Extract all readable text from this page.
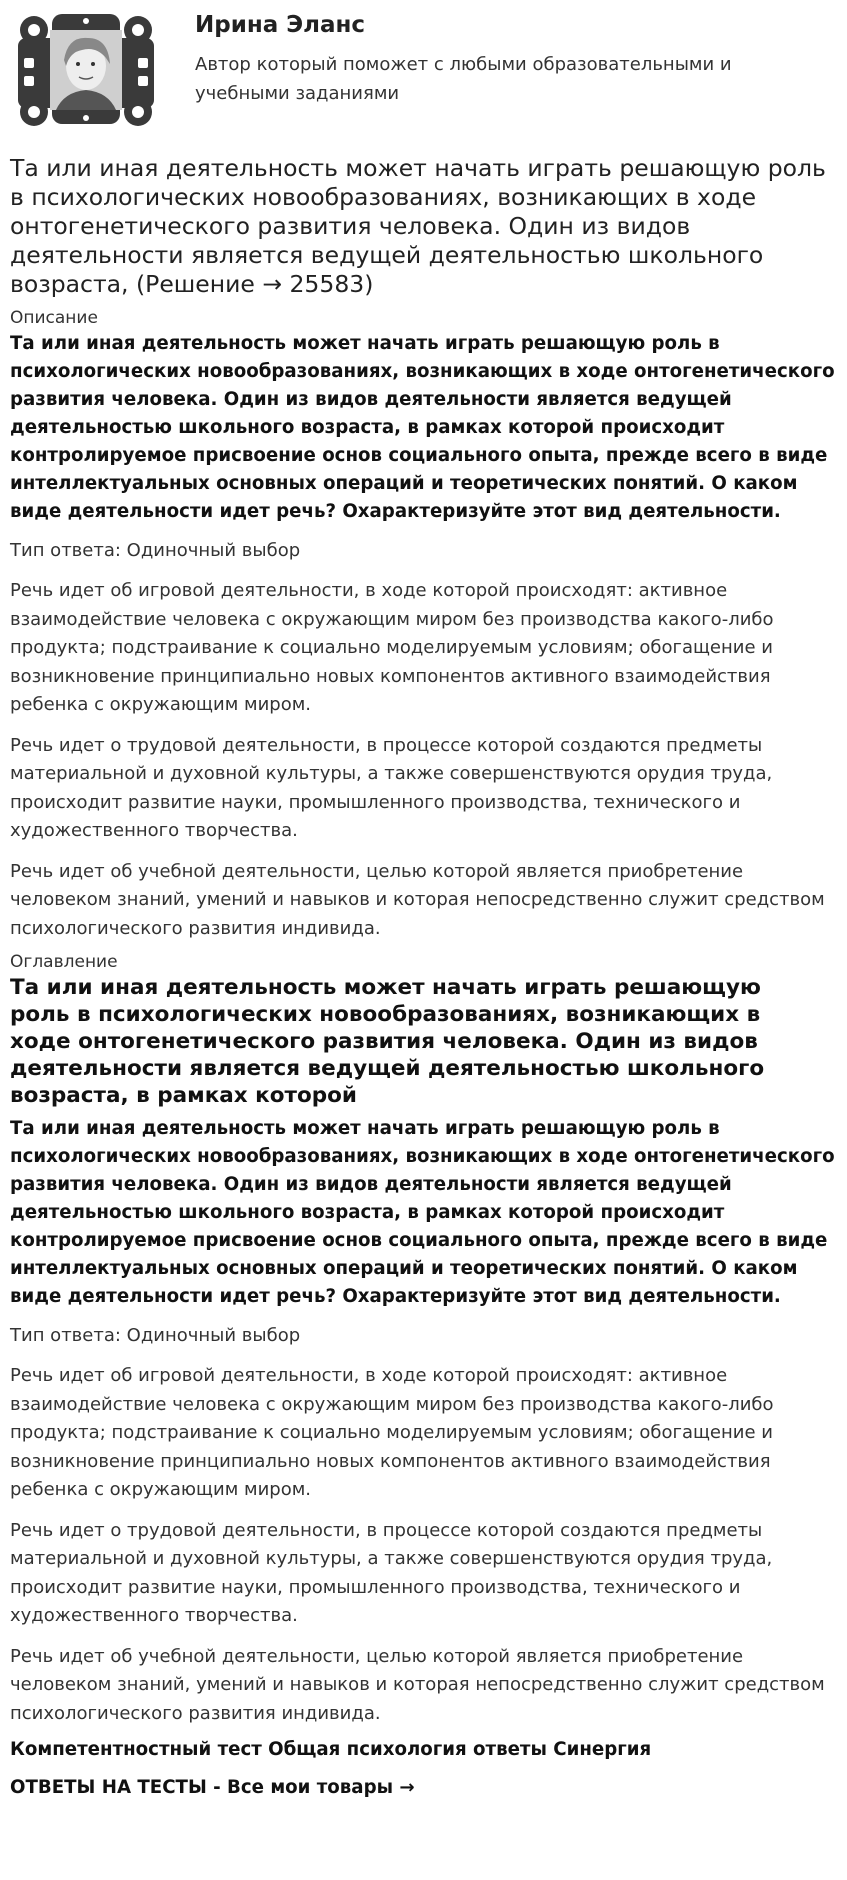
Ирина Эланс

Автор который поможет с любыми образовательными и учебными заданиями

Та или иная деятельность может начать играть решающую роль в психологических новообразованиях, возникающих в ходе онтогенетического развития человека. Один из видов деятельности является ведущей деятельностью школьного возраста, (Решение → 25583)
Описание

Та или иная деятельность может начать играть решающую роль в психологических новообразованиях, возникающих в ходе онтогенетического развития человека. Один из видов деятельности является ведущей деятельностью школьного возраста, в рамках которой происходит контролируемое присвоение основ социального опыта, прежде всего в виде интеллектуальных основных операций и теоретических понятий. О каком виде деятельности идет речь? Охарактеризуйте этот вид деятельности.

Тип ответа: Одиночный выбор

Речь идет об игровой деятельности, в ходе которой происходят: активное взаимодействие человека с окружающим миром без производства какого-либо продукта; подстраивание к социально моделируемым условиям; обогащение и возникновение принципиально новых компонентов активного взаимодействия ребенка с окружающим миром.

Речь идет о трудовой деятельности, в процессе которой создаются предметы материальной и духовной культуры, а также совершенствуются орудия труда, происходит развитие науки, промышленного производства, технического и художественного творчества.

Речь идет об учебной деятельности, целью которой является приобретение человеком знаний, умений и навыков и которая непосредственно служит средством психологического развития индивида.

Оглавление
Та или иная деятельность может начать играть решающую роль в психологических новообразованиях, возникающих в ходе онтогенетического развития человека. Один из видов деятельности является ведущей деятельностью школьного возраста, в рамках которой

Та или иная деятельность может начать играть решающую роль в психологических новообразованиях, возникающих в ходе онтогенетического развития человека. Один из видов деятельности является ведущей деятельностью школьного возраста, в рамках которой происходит контролируемое присвоение основ социального опыта, прежде всего в виде интеллектуальных основных операций и теоретических понятий. О каком виде деятельности идет речь? Охарактеризуйте этот вид деятельности.

Тип ответа: Одиночный выбор

Речь идет об игровой деятельности, в ходе которой происходят: активное взаимодействие человека с окружающим миром без производства какого-либо продукта; подстраивание к социально моделируемым условиям; обогащение и возникновение принципиально новых компонентов активного взаимодействия ребенка с окружающим миром.

Речь идет о трудовой деятельности, в процессе которой создаются предметы материальной и духовной культуры, а также совершенствуются орудия труда, происходит развитие науки, промышленного производства, технического и художественного творчества.

Речь идет об учебной деятельности, целью которой является приобретение человеком знаний, умений и навыков и которая непосредственно служит средством психологического развития индивида.

Компетентностный тест Общая психология ответы Синергия

ОТВЕТЫ НА ТЕСТЫ - Все мои товары →
